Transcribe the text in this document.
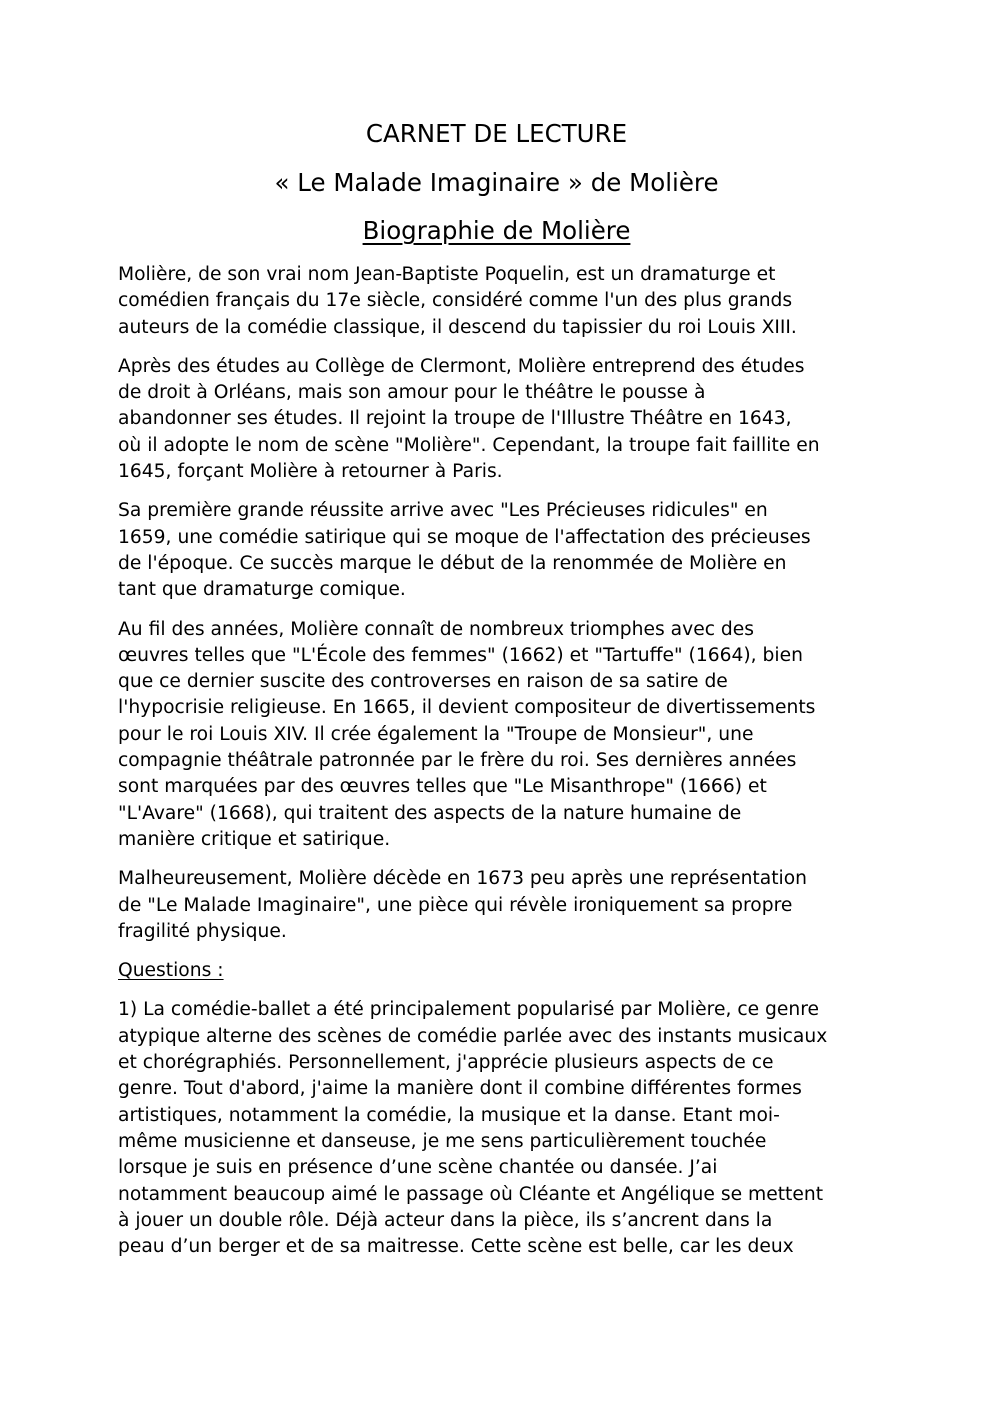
CARNET DE LECTURE
« Le Malade Imaginaire » de Molière
Biographie de Molière

Molière, de son vrai nom Jean-Baptiste Poquelin, est un dramaturge et
comédien français du 17e siècle, considéré comme l'un des plus grands
auteurs de la comédie classique, il descend du tapissier du roi Louis XIII.

Après des études au Collège de Clermont, Molière entreprend des études
de droit à Orléans, mais son amour pour le théâtre le pousse à
abandonner ses études. Il rejoint la troupe de l'Illustre Théâtre en 1643,
où il adopte le nom de scène "Molière". Cependant, la troupe fait faillite en
1645, forçant Molière à retourner à Paris.

Sa première grande réussite arrive avec "Les Précieuses ridicules" en
1659, une comédie satirique qui se moque de l'affectation des précieuses
de l'époque. Ce succès marque le début de la renommée de Molière en
tant que dramaturge comique.

Au fil des années, Molière connaît de nombreux triomphes avec des
œuvres telles que "L'École des femmes" (1662) et "Tartuffe" (1664), bien
que ce dernier suscite des controverses en raison de sa satire de
l'hypocrisie religieuse. En 1665, il devient compositeur de divertissements
pour le roi Louis XIV. Il crée également la "Troupe de Monsieur", une
compagnie théâtrale patronnée par le frère du roi. Ses dernières années
sont marquées par des œuvres telles que "Le Misanthrope" (1666) et
"L'Avare" (1668), qui traitent des aspects de la nature humaine de
manière critique et satirique.

Malheureusement, Molière décède en 1673 peu après une représentation
de "Le Malade Imaginaire", une pièce qui révèle ironiquement sa propre
fragilité physique.

Questions :

1) La comédie-ballet a été principalement popularisé par Molière, ce genre
atypique alterne des scènes de comédie parlée avec des instants musicaux
et chorégraphiés. Personnellement, j'apprécie plusieurs aspects de ce
genre. Tout d'abord, j'aime la manière dont il combine différentes formes
artistiques, notamment la comédie, la musique et la danse. Etant moi-
même musicienne et danseuse, je me sens particulièrement touchée
lorsque je suis en présence d’une scène chantée ou dansée. J’ai
notamment beaucoup aimé le passage où Cléante et Angélique se mettent
à jouer un double rôle. Déjà acteur dans la pièce, ils s’ancrent dans la
peau d’un berger et de sa maitresse. Cette scène est belle, car les deux
